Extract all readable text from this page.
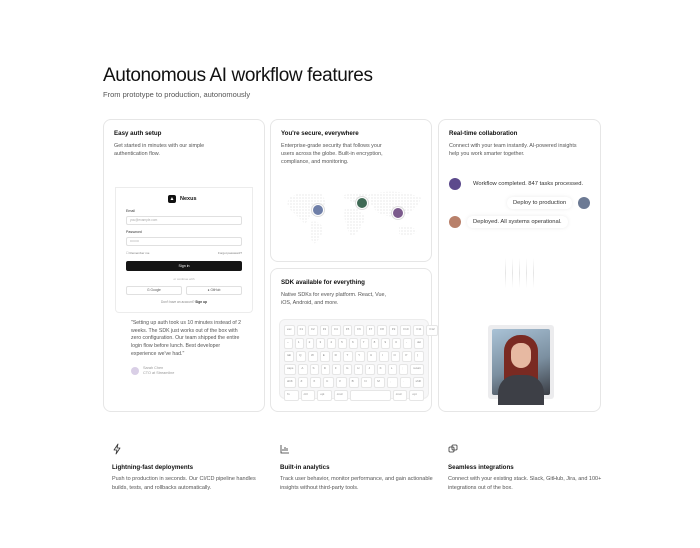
Autonomous AI workflow features

From prototype to production, autonomously

Easy auth setup
Get started in minutes with our simple authentication flow.
▲ Nexus
Email
you@example.com
Password
••••••••
☐ Remember me	Forgot password?
Sign in
or continue with
G Google	● GitHub
Don't have an account? Sign up
"Setting up auth took us 10 minutes instead of 2 weeks. The SDK just works out of the box with zero configuration. Our team shipped the entire login flow before lunch. Best developer experience we've had."
Sarah Chen
CTO at Streamline
You're secure, everywhere
Enterprise-grade security that follows your users across the globe. Built-in encryption, compliance, and monitoring.
SDK available for everything
Native SDKs for every platform. React, Vue, iOS, Android, and more.
esc	F1	F2	F3	F4	F5	F6	F7	F8	F9	F10	F11	F12
~	1	2	3	4	5	6	7	8	9	0	-	del
tab	Q	W	E	R	T	Y	U	I	O	P	[
caps	A	S	D	F	G	H	J	K	L	;	return
shift	Z	X	C	V	B	N	M	,	.	shift
fn	ctrl	opt	cmd	cmd	opt
Real-time collaboration
Connect with your team instantly. AI-powered insights help you work smarter together.
Workflow completed. 847 tasks processed.
Deploy to production
Deployed. All systems operational.
Lightning-fast deployments
Push to production in seconds. Our CI/CD pipeline handles builds, tests, and rollbacks automatically.
Built-in analytics
Track user behavior, monitor performance, and gain actionable insights without third-party tools.
Seamless integrations
Connect with your existing stack. Slack, GitHub, Jira, and 100+ integrations out of the box.
